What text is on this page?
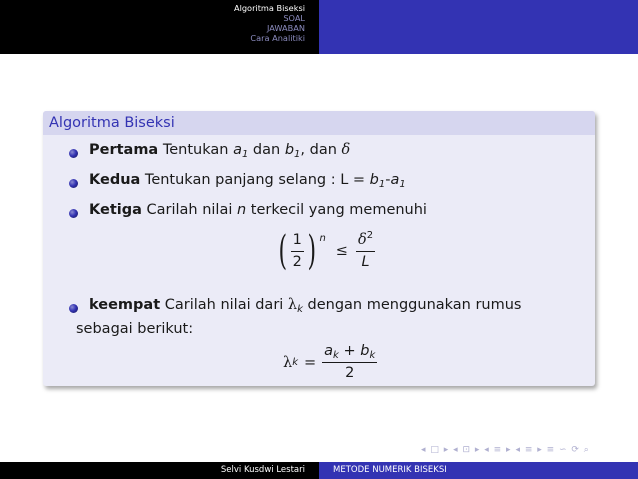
Algoritma Biseksi
SOAL
JAWABAN
Cara Analitiki
Algoritma Biseksi
Pertama Tentukan $a_1$ dan $b_1$, dan δ
Kedua Tentukan panjang selang : $L = b_1-a_1$
Ketiga Carilah nilai n terkecil yang memenuhi
( $\frac{1}{2}$ ) n
≤ $\frac{\delta^2}{L}$
keempat Carilah nilai dari $\lambda_k$ dengan menggunakan rumus
sebagai berikut:
λ $k = \frac{a_k + b_k}{2}$
◂ □ ▸ ◂ ⊡ ▸ ◂ ≡ ▸ ◂ ≡ ▸ ≡ ∽ ⟳ ⌕
Selvi Kusdwi Lestari	METODE NUMERIK BISEKSI
